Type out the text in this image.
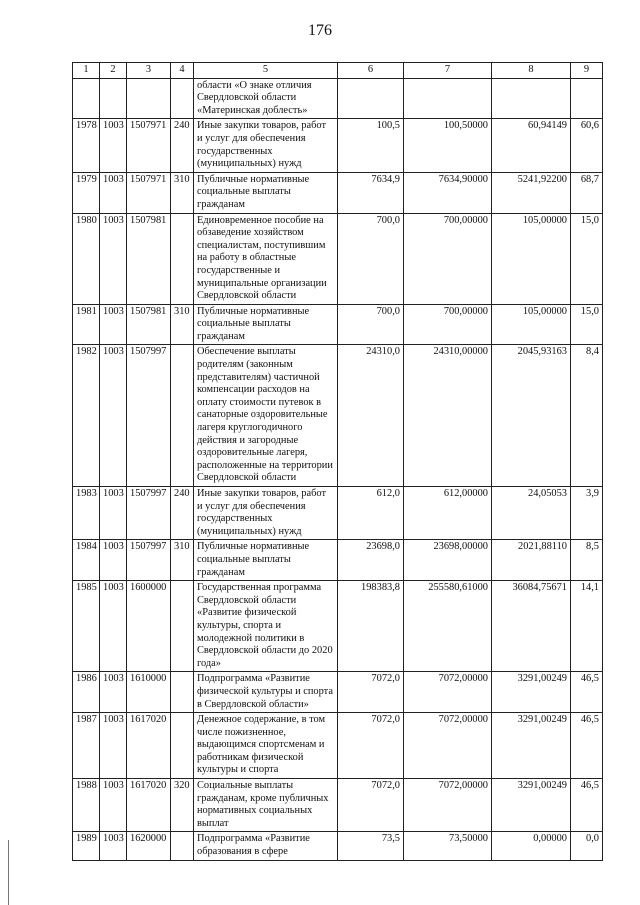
176
1	2	3	4	5	6	7	8	9
				области «О знаке отличия Свердловской области «Материнская доблесть»				
1978	1003	1507971	240	Иные закупки товаров, работ и услуг для обеспечения государственных (муниципальных) нужд	100,5	100,50000	60,94149	60,6
1979	1003	1507971	310	Публичные нормативные социальные выплаты гражданам	7634,9	7634,90000	5241,92200	68,7
1980	1003	1507981		Единовременное пособие на обзаведение хозяйством специалистам, поступившим на работу в областные государственные и муниципальные организации Свердловской области	700,0	700,00000	105,00000	15,0
1981	1003	1507981	310	Публичные нормативные социальные выплаты гражданам	700,0	700,00000	105,00000	15,0
1982	1003	1507997		Обеспечение выплаты родителям (законным представителям) частичной компенсации расходов на оплату стоимости путевок в санаторные оздоровительные лагеря круглогодичного действия и загородные оздоровительные лагеря, расположенные на территории Свердловской области	24310,0	24310,00000	2045,93163	8,4
1983	1003	1507997	240	Иные закупки товаров, работ и услуг для обеспечения государственных (муниципальных) нужд	612,0	612,00000	24,05053	3,9
1984	1003	1507997	310	Публичные нормативные социальные выплаты гражданам	23698,0	23698,00000	2021,88110	8,5
1985	1003	1600000		Государственная программа Свердловской области «Развитие физической культуры, спорта и молодежной политики в Свердловской области до 2020 года»	198383,8	255580,61000	36084,75671	14,1
1986	1003	1610000		Подпрограмма «Развитие физической культуры и спорта в Свердловской области»	7072,0	7072,00000	3291,00249	46,5
1987	1003	1617020		Денежное содержание, в том числе пожизненное, выдающимся спортсменам и работникам физической культуры и спорта	7072,0	7072,00000	3291,00249	46,5
1988	1003	1617020	320	Социальные выплаты гражданам, кроме публичных нормативных социальных выплат	7072,0	7072,00000	3291,00249	46,5
1989	1003	1620000		Подпрограмма «Развитие образования в сфере	73,5	73,50000	0,00000	0,0
